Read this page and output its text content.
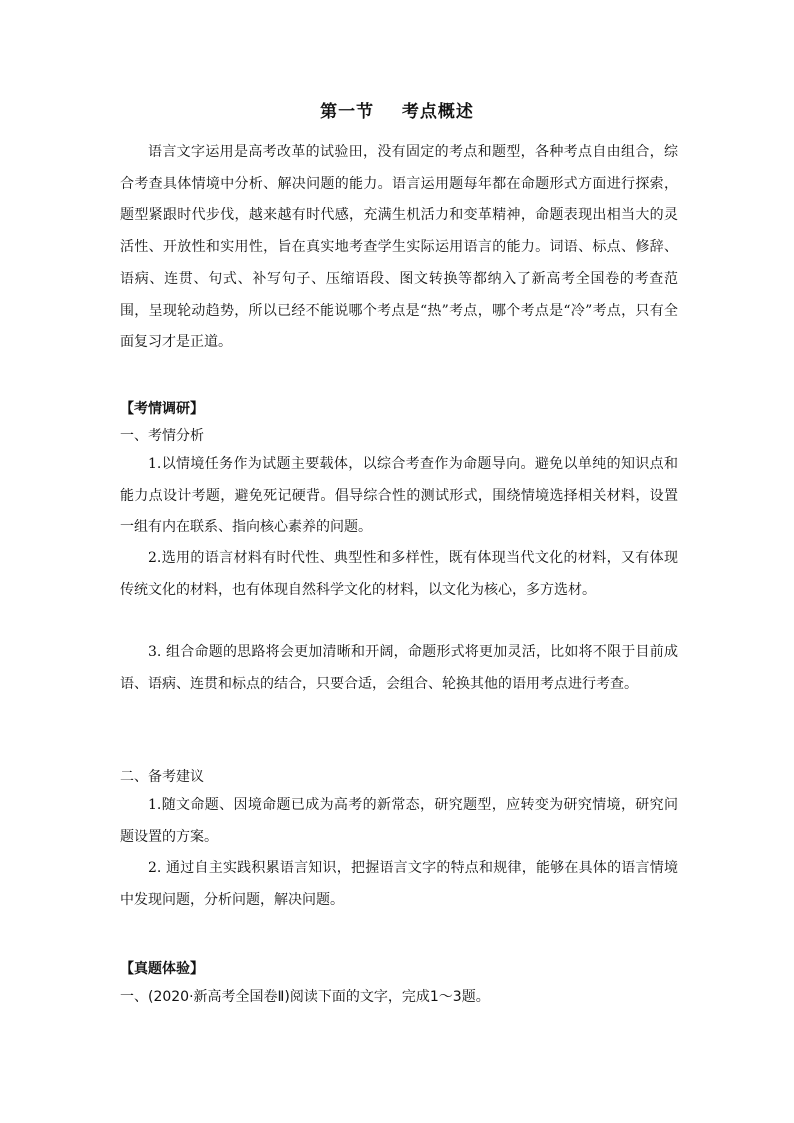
第一节    考点概述
语言文字运用是高考改革的试验田，没有固定的考点和题型，各种考点自由组合，综合考查具体情境中分析、解决问题的能力。语言运用题每年都在命题形式方面进行探索，题型紧跟时代步伐，越来越有时代感，充满生机活力和变革精神，命题表现出相当大的灵活性、开放性和实用性，旨在真实地考查学生实际运用语言的能力。词语、标点、修辞、语病、连贯、句式、补写句子、压缩语段、图文转换等都纳入了新高考全国卷的考查范围，呈现轮动趋势，所以已经不能说哪个考点是“热”考点，哪个考点是“冷”考点，只有全面复习才是正道。
【考情调研】
一、考情分析
1.以情境任务作为试题主要载体，以综合考查作为命题导向。避免以单纯的知识点和能力点设计考题，避免死记硬背。倡导综合性的测试形式，围绕情境选择相关材料，设置一组有内在联系、指向核心素养的问题。
2.选用的语言材料有时代性、典型性和多样性，既有体现当代文化的材料，又有体现传统文化的材料，也有体现自然科学文化的材料，以文化为核心，多方选材。
3. 组合命题的思路将会更加清晰和开阔，命题形式将更加灵活，比如将不限于目前成语、语病、连贯和标点的结合，只要合适，会组合、轮换其他的语用考点进行考查。
二、备考建议
1.随文命题、因境命题已成为高考的新常态，研究题型，应转变为研究情境，研究问题设置的方案。
2. 通过自主实践积累语言知识，把握语言文字的特点和规律，能够在具体的语言情境中发现问题，分析问题，解决问题。
【真题体验】
一、(2020·新高考全国卷Ⅱ)阅读下面的文字，完成1～3题。
